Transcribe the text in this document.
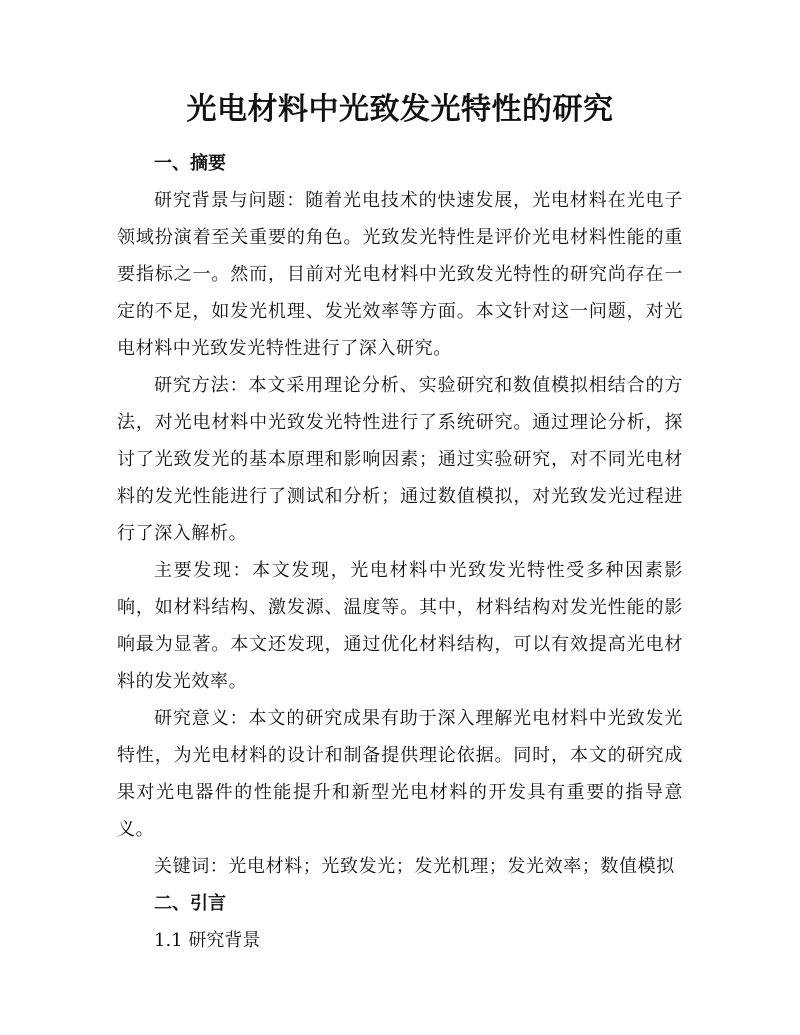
光电材料中光致发光特性的研究

一、摘要

研究背景与问题：随着光电技术的快速发展，光电材料在光电子领域扮演着至关重要的角色。光致发光特性是评价光电材料性能的重要指标之一。然而，目前对光电材料中光致发光特性的研究尚存在一定的不足，如发光机理、发光效率等方面。本文针对这一问题，对光电材料中光致发光特性进行了深入研究。

研究方法：本文采用理论分析、实验研究和数值模拟相结合的方法，对光电材料中光致发光特性进行了系统研究。通过理论分析，探讨了光致发光的基本原理和影响因素；通过实验研究，对不同光电材料的发光性能进行了测试和分析；通过数值模拟，对光致发光过程进行了深入解析。

主要发现：本文发现，光电材料中光致发光特性受多种因素影响，如材料结构、激发源、温度等。其中，材料结构对发光性能的影响最为显著。本文还发现，通过优化材料结构，可以有效提高光电材料的发光效率。

研究意义：本文的研究成果有助于深入理解光电材料中光致发光特性，为光电材料的设计和制备提供理论依据。同时，本文的研究成果对光电器件的性能提升和新型光电材料的开发具有重要的指导意义。

关键词：光电材料；光致发光；发光机理；发光效率；数值模拟

二、引言

1.1 研究背景
